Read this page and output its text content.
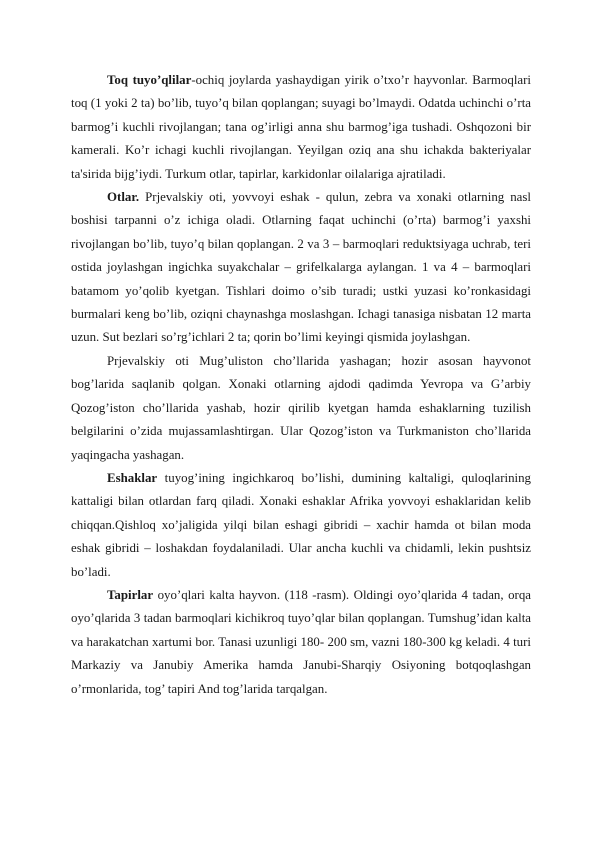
Toq tuyo’qlilar-ochiq joylarda yashaydigan yirik o’txo’r hayvonlar. Barmoqlari toq (1 yoki 2 ta) bo’lib, tuyo’q bilan qoplangan; suyagi bo’lmaydi. Odatda uchinchi o’rta barmog’i kuchli rivojlangan; tana og’irligi anna shu barmog’iga tushadi. Oshqozoni bir kamerali. Ko’r ichagi kuchli rivojlangan. Yeyilgan oziq ana shu ichakda bakteriyalar ta'sirida bijg’iydi. Turkum otlar, tapirlar, karkidonlar oilalariga ajratiladi.

Otlar. Prjevalskiy oti, yovvoyi eshak - qulun, zebra va xonaki otlarning nasl boshisi tarpanni o’z ichiga oladi. Otlarning faqat uchinchi (o’rta) barmog’i yaxshi rivojlangan bo’lib, tuyo’q bilan qoplangan. 2 va 3 – barmoqlari reduktsiyaga uchrab, teri ostida joylashgan ingichka suyakchalar – grifelkalarga aylangan. 1 va 4 – barmoqlari batamom yo’qolib kyetgan. Tishlari doimo o’sib turadi; ustki yuzasi ko’ronkasidagi burmalari keng bo’lib, oziqni chaynashga moslashgan. Ichagi tanasiga nisbatan 12 marta uzun. Sut bezlari so’rg’ichlari 2 ta; qorin bo’limi keyingi qismida joylashgan.

Prjevalskiy oti Mug’uliston cho’llarida yashagan; hozir asosan hayvonot bog’larida saqlanib qolgan. Xonaki otlarning ajdodi qadimda Yevropa va G’arbiy Qozog’iston cho’llarida yashab, hozir qirilib kyetgan hamda eshaklarning tuzilish belgilarini o’zida mujassamlashtirgan. Ular Qozog’iston va Turkmaniston cho’llarida yaqingacha yashagan.

Eshaklar tuyog’ining ingichkaroq bo’lishi, dumining kaltaligi, quloqlarining kattaligi bilan otlardan farq qiladi. Xonaki eshaklar Afrika yovvoyi eshaklaridan kelib chiqqan.Qishloq xo’jaligida yilqi bilan eshagi gibridi – xachir hamda ot bilan moda eshak gibridi – loshakdan foydalaniladi. Ular ancha kuchli va chidamli, lekin pushtsiz bo’ladi.

Tapirlar oyo’qlari kalta hayvon. (118 -rasm). Oldingi oyo’qlarida 4 tadan, orqa oyo’qlarida 3 tadan barmoqlari kichikroq tuyo’qlar bilan qoplangan. Tumshug’idan kalta va harakatchan xartumi bor. Tanasi uzunligi 180- 200 sm, vazni 180-300 kg keladi. 4 turi Markaziy va Janubiy Amerika hamda Janubi-Sharqiy Osiyoning botqoqlashgan o’rmonlarida, tog’ tapiri And tog’larida tarqalgan.
